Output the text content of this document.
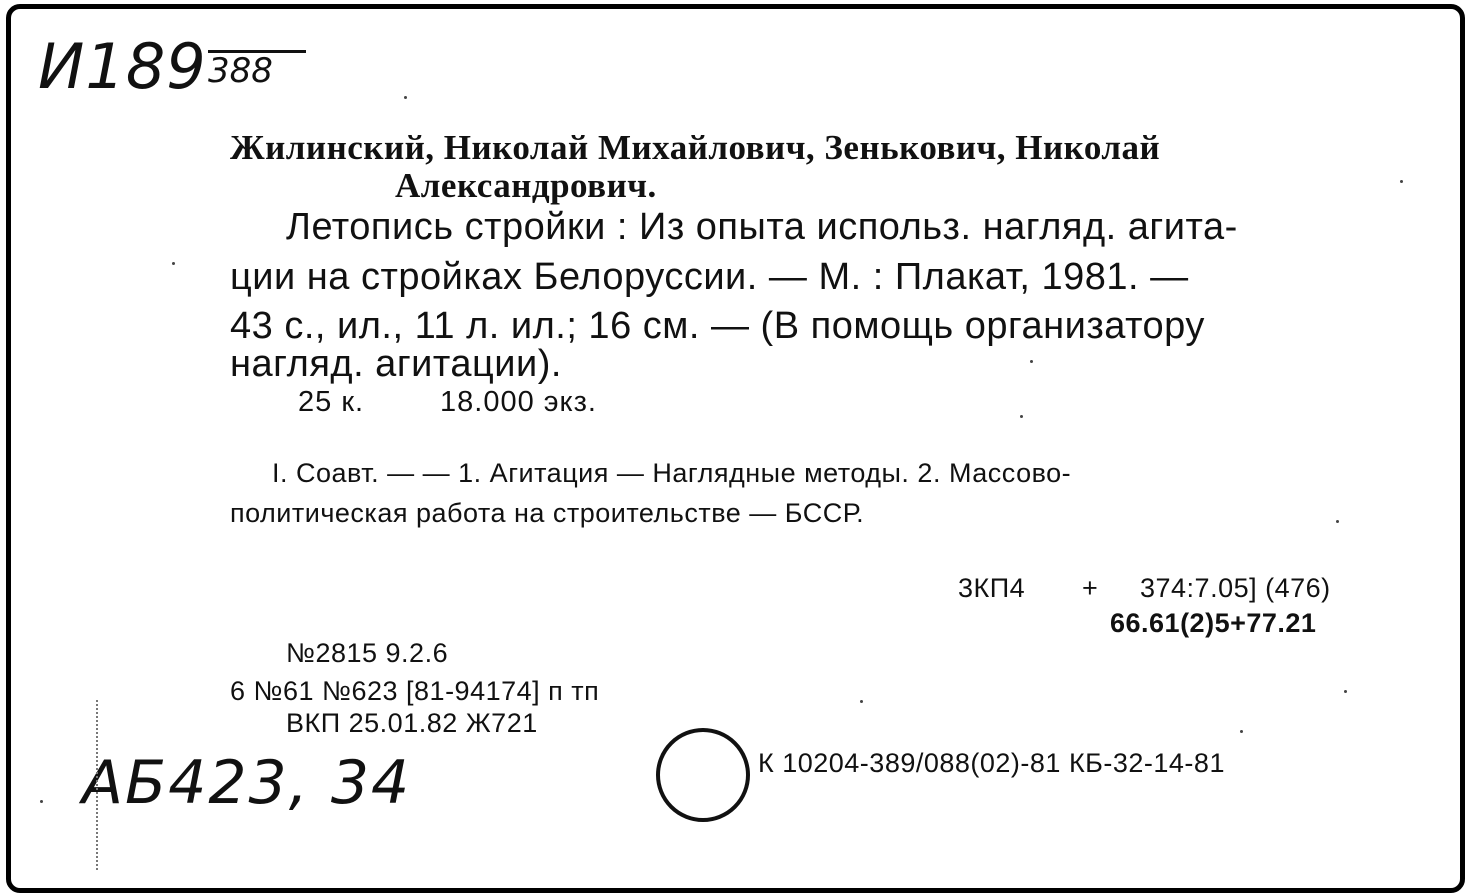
И189 388
Жилинский, Николай Михайлович, Зенькович, Николай
Александрович.
Летопись стройки : Из опыта использ. нагляд. агита-
ции на стройках Белоруссии. — М. : Плакат, 1981. —
43 с., ил., 11 л. ил.; 16 см. — (В помощь организатору
нагляд. агитации).
25 к.	18.000 экз.
I. Соавт. — — 1. Агитация — Наглядные методы. 2. Массово-
политическая работа на строительстве — БССР.
3КП4 + 374:7.05] (476)
66.61(2)5+77.21
№2815 9.2.6
6 №61 №623 [81-94174] п тп
ВКП 25.01.82 Ж721
К 10204-389/088(02)-81 КБ-32-14-81
АБ423, 34
